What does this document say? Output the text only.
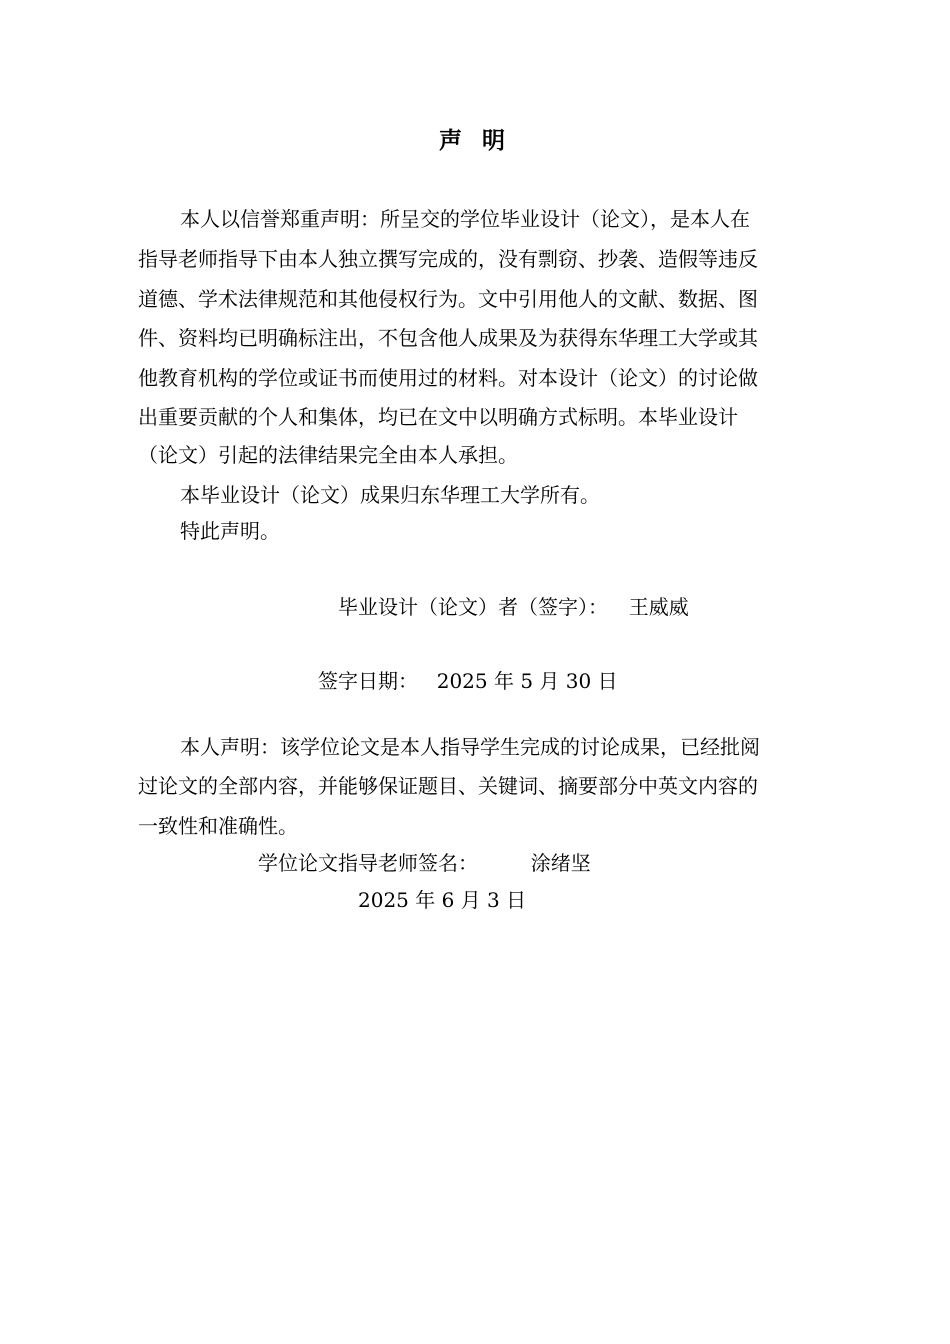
声 明
本人以信誉郑重声明：所呈交的学位毕业设计（论文），是本人在
指导老师指导下由本人独立撰写完成的，没有剽窃、抄袭、造假等违反
道德、学术法律规范和其他侵权行为。文中引用他人的文献、数据、图
件、资料均已明确标注出，不包含他人成果及为获得东华理工大学或其
他教育机构的学位或证书而使用过的材料。对本设计（论文）的讨论做
出重要贡献的个人和集体，均已在文中以明确方式标明。本毕业设计
（论文）引起的法律结果完全由本人承担。
本毕业设计（论文）成果归东华理工大学所有。
特此声明。
毕业设计（论文）者（签字）： 王威威
签字日期： 2025 年 5 月 30 日
本人声明：该学位论文是本人指导学生完成的讨论成果，已经批阅
过论文的全部内容，并能够保证题目、关键词、摘要部分中英文内容的
一致性和准确性。
学位论文指导老师签名：	涂绪坚
2025 年 6 月 3 日
